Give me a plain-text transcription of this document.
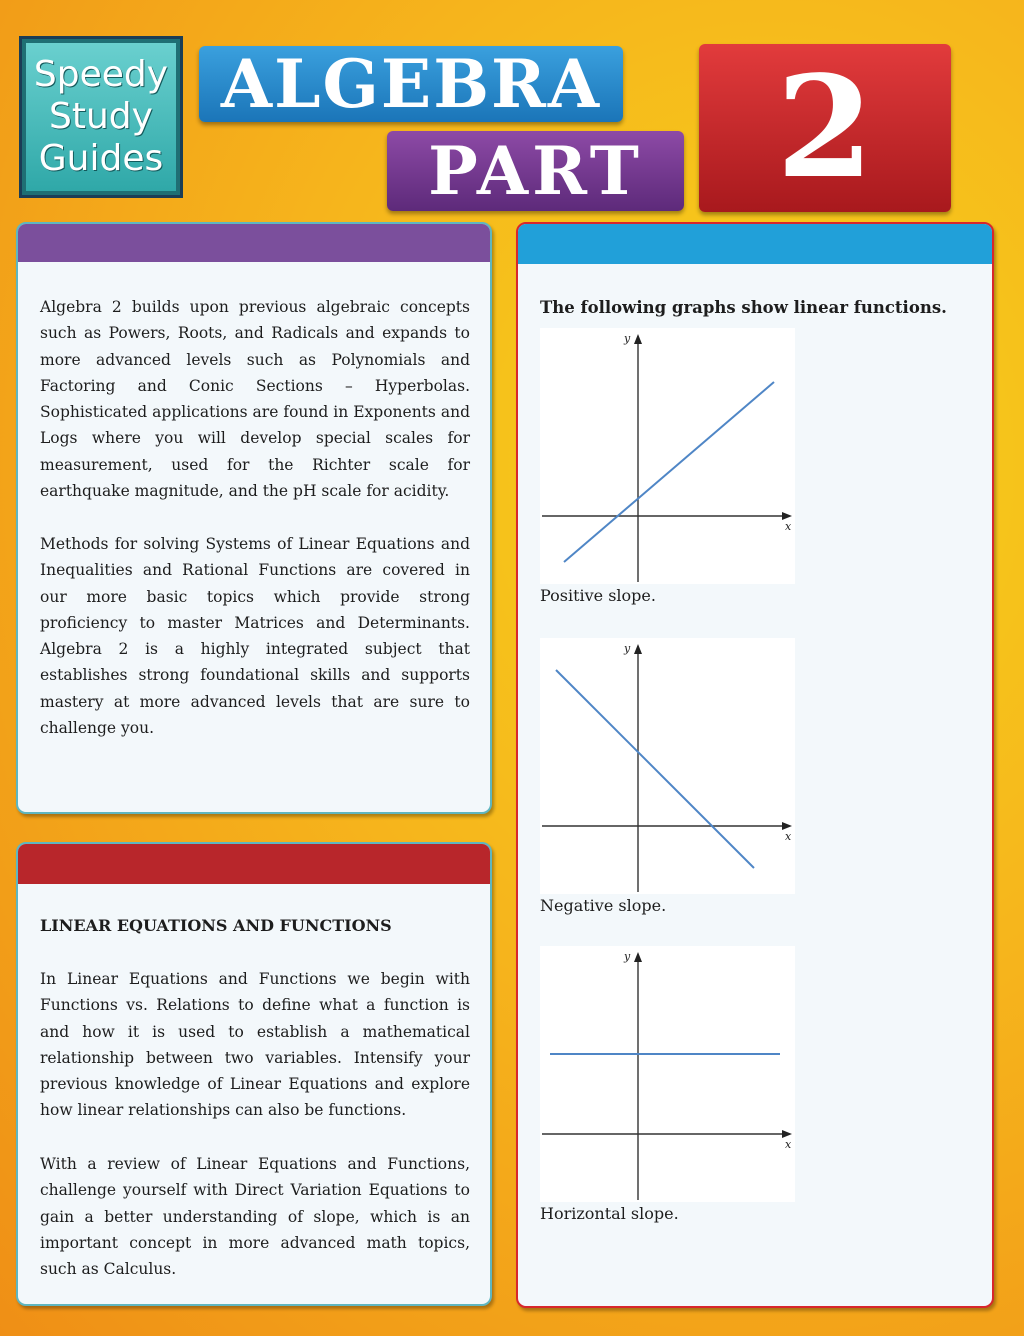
Speedy
Study
Guides
ALGEBRA
PART 2
Algebra 2 builds upon previous algebraic concepts such as Powers, Roots, and Radicals and expands to more advanced levels such as Polynomials and Factoring and Conic Sections – Hyperbolas. Sophisticated applications are found in Exponents and Logs where you will develop special scales for measurement, used for the Richter scale for earthquake magnitude, and the pH scale for acidity.
Methods for solving Systems of Linear Equations and Inequalities and Rational Functions are covered in our more basic topics which provide strong proficiency to master Matrices and Determinants. Algebra 2 is a highly integrated subject that establishes strong foundational skills and supports mastery at more advanced levels that are sure to challenge you.
LINEAR EQUATIONS AND FUNCTIONS
In Linear Equations and Functions we begin with Functions vs. Relations to define what a function is and how it is used to establish a mathematical relationship between two variables. Intensify your previous knowledge of Linear Equations and explore how linear relationships can also be functions.
With a review of Linear Equations and Functions, challenge yourself with Direct Variation Equations to gain a better understanding of slope, which is an important concept in more advanced math topics, such as Calculus.
The following graphs show linear functions.
y
x
Positive slope.
y
x
Negative slope.
y
x
Horizontal slope.
